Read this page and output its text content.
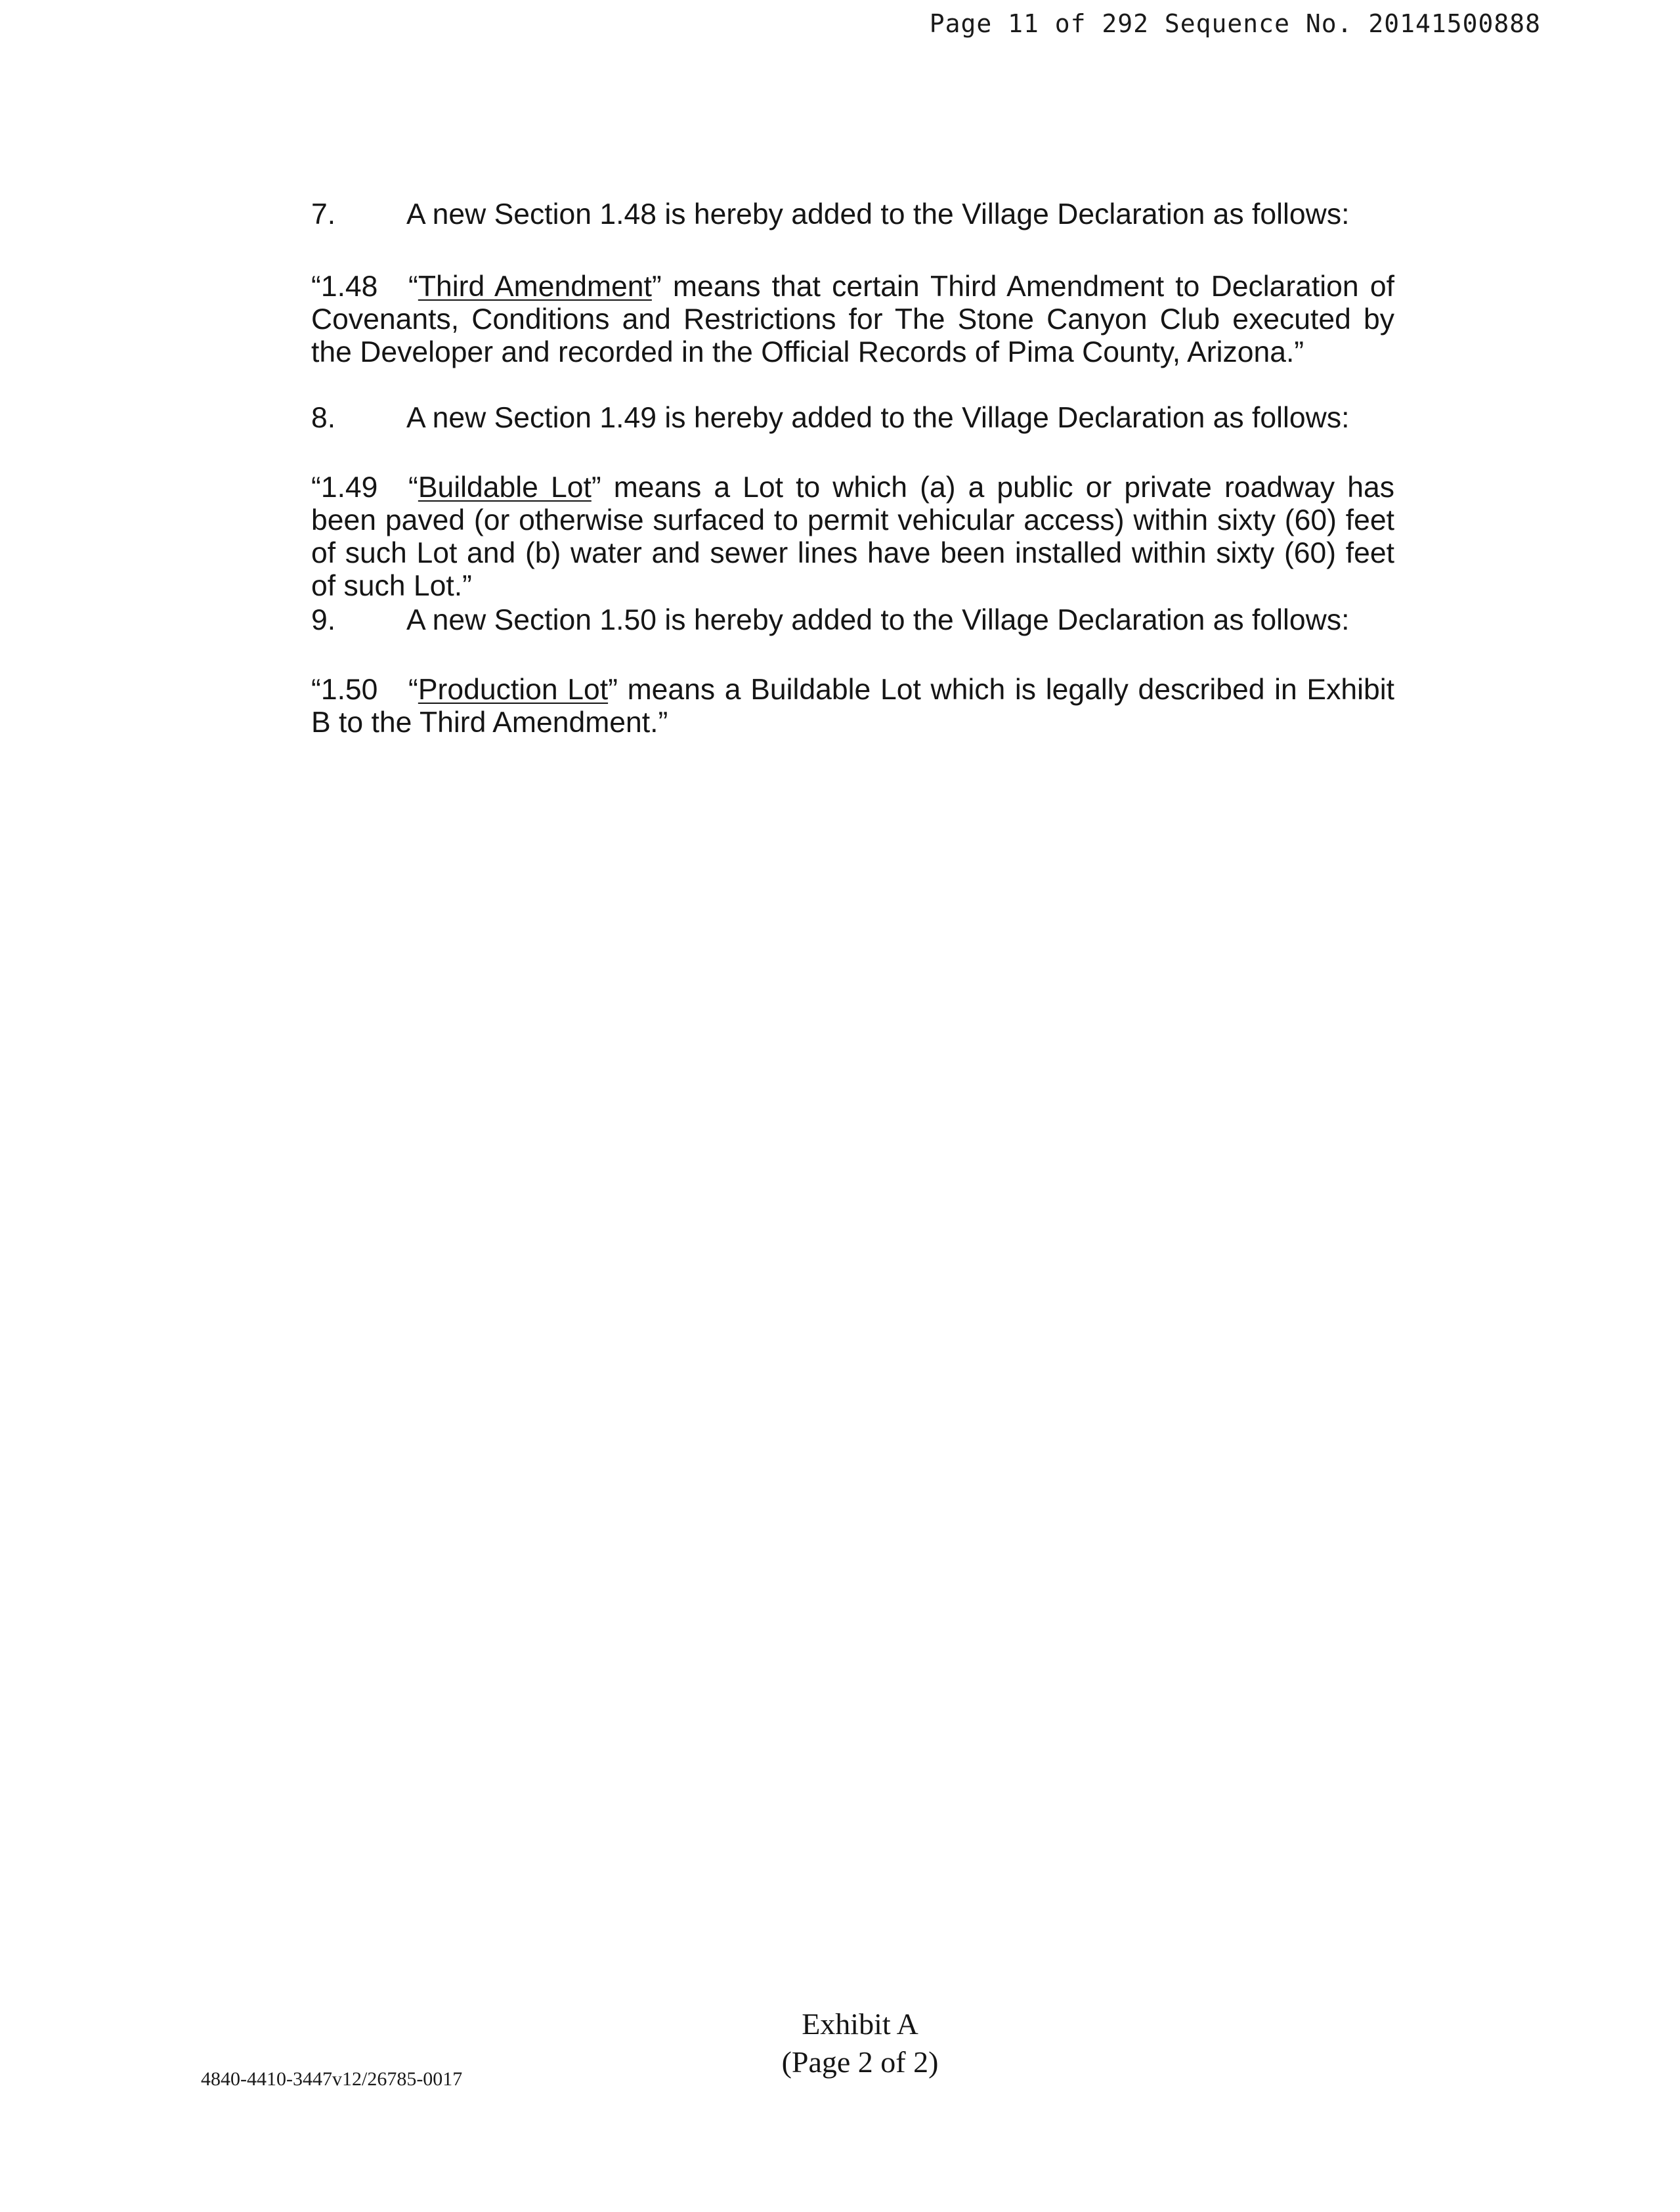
Page 11 of 292 Sequence No. 20141500888

7. A new Section 1.48 is hereby added to the Village Declaration as follows:

“1.48 “Third Amendment” means that certain Third Amendment to Declaration of Covenants, Conditions and Restrictions for The Stone Canyon Club executed by the Developer and recorded in the Official Records of Pima County, Arizona.”

8. A new Section 1.49 is hereby added to the Village Declaration as follows:

“1.49 “Buildable Lot” means a Lot to which (a) a public or private roadway has been paved (or otherwise surfaced to permit vehicular access) within sixty (60) feet of such Lot and (b) water and sewer lines have been installed within sixty (60) feet of such Lot.”

9. A new Section 1.50 is hereby added to the Village Declaration as follows:

“1.50 “Production Lot” means a Buildable Lot which is legally described in Exhibit B to the Third Amendment.”

Exhibit A
(Page 2 of 2)
4840-4410-3447v12/26785-0017
